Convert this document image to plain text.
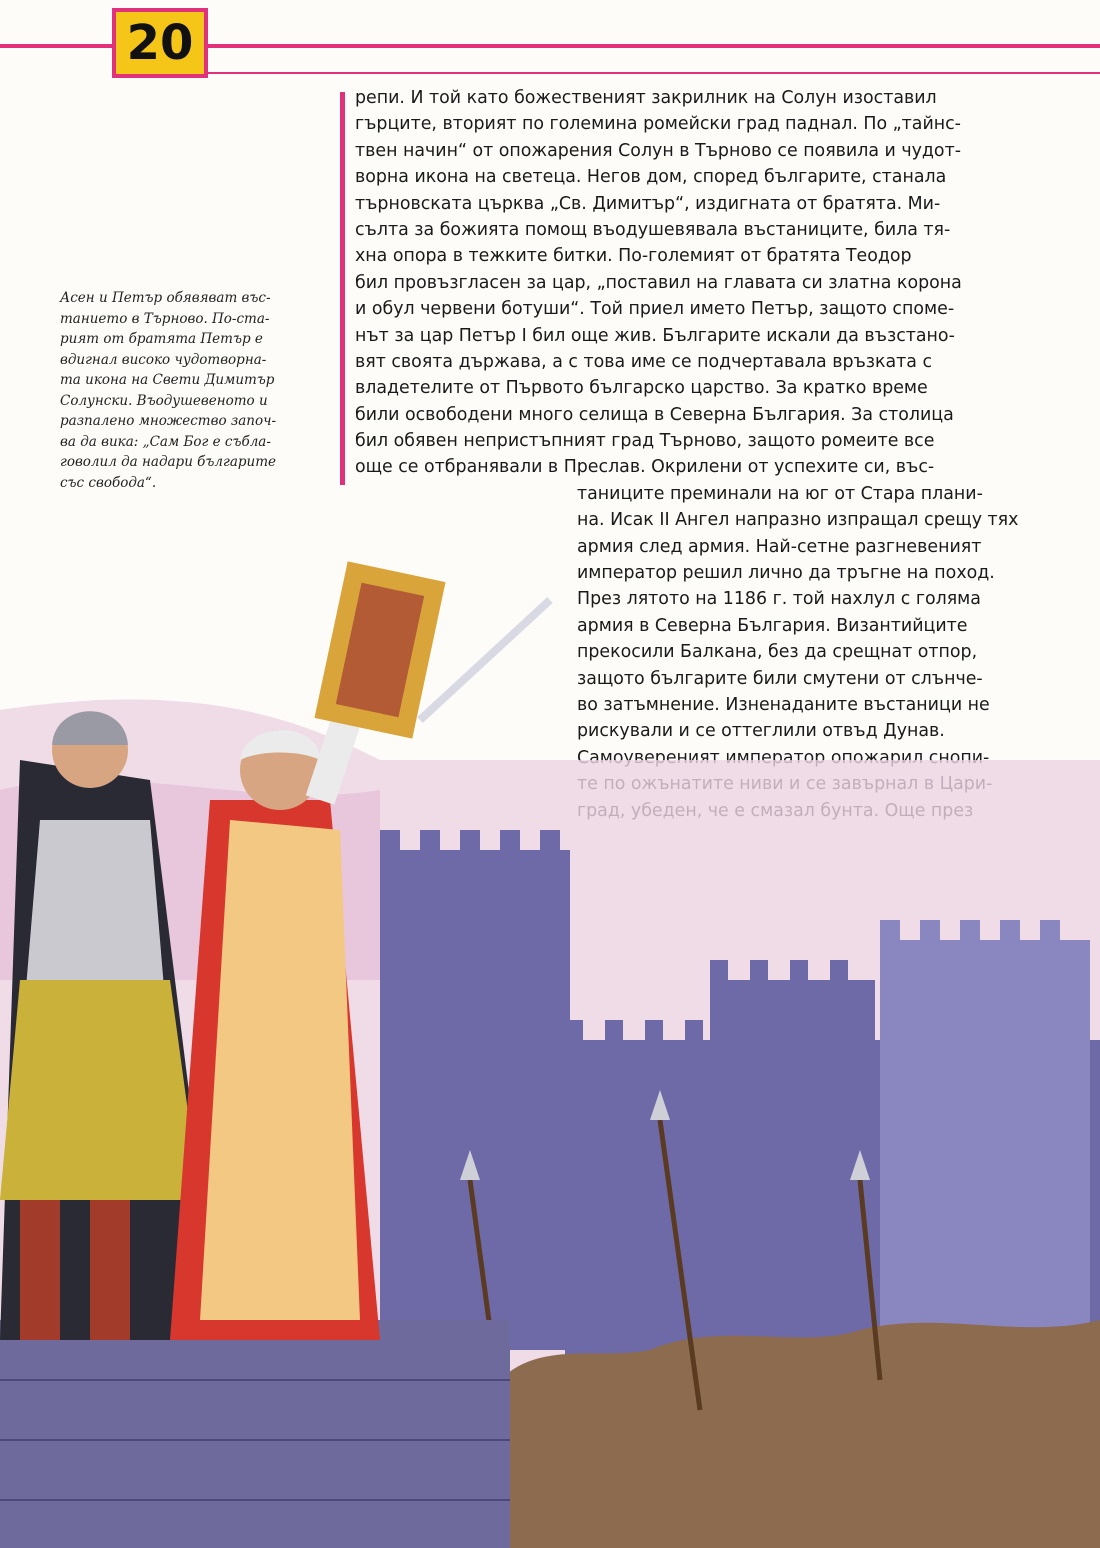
20
Асен и Петър обявяват въс-
танието в Търново. По-ста-
рият от братята Петър е
вдигнал високо чудотворна-
та икона на Свети Димитър
Солунски. Въодушевеното и
разпалено множество започ-
ва да вика: „Сам Бог е съблa-
говолил да надари българите
със свобода“.
репи. И той като божественият закрилник на Солун изоставил
гърците, вторият по големина ромейски град паднал. По „тайнс-
твен начин“ от опожарения Солун в Търново се появила и чудот-
ворна икона на светеца. Негов дом, според българите, станала
търновската църква „Св. Димитър“, издигната от братята. Ми-
сълта за божията помощ въодушевявала въстаниците, била тя-
хна опора в тежките битки. По-големият от братята Теодор
бил провъзгласен за цар, „поставил на главата си златна корона
и обул червени ботуши“. Той приел името Петър, защото споме-
нът за цар Петър I бил още жив. Българите искали да възстано-
вят своята държава, а с това име се подчертавала връзката с
владетелите от Първото българско царство. За кратко време
били освободени много селища в Северна България. За столица
бил обявен непристъпният град Търново, защото ромеите все
още се отбранявали в Преслав. Окрилени от успехите си, въс-
таниците преминали на юг от Стара плани-
на. Исак II Ангел напразно изпращал срещу тях
армия след армия. Най-сетне разгневеният
император решил лично да тръгне на поход.
През лятото на 1186 г. той нахлул с голяма
армия в Северна България. Византийците
прекосили Балкана, без да срещнат отпор,
защото българите били смутени от слънче-
во затъмнение. Изненаданите въстаници не
рискували и се оттеглили отвъд Дунав.
Самоувереният император опожарил снопи-
